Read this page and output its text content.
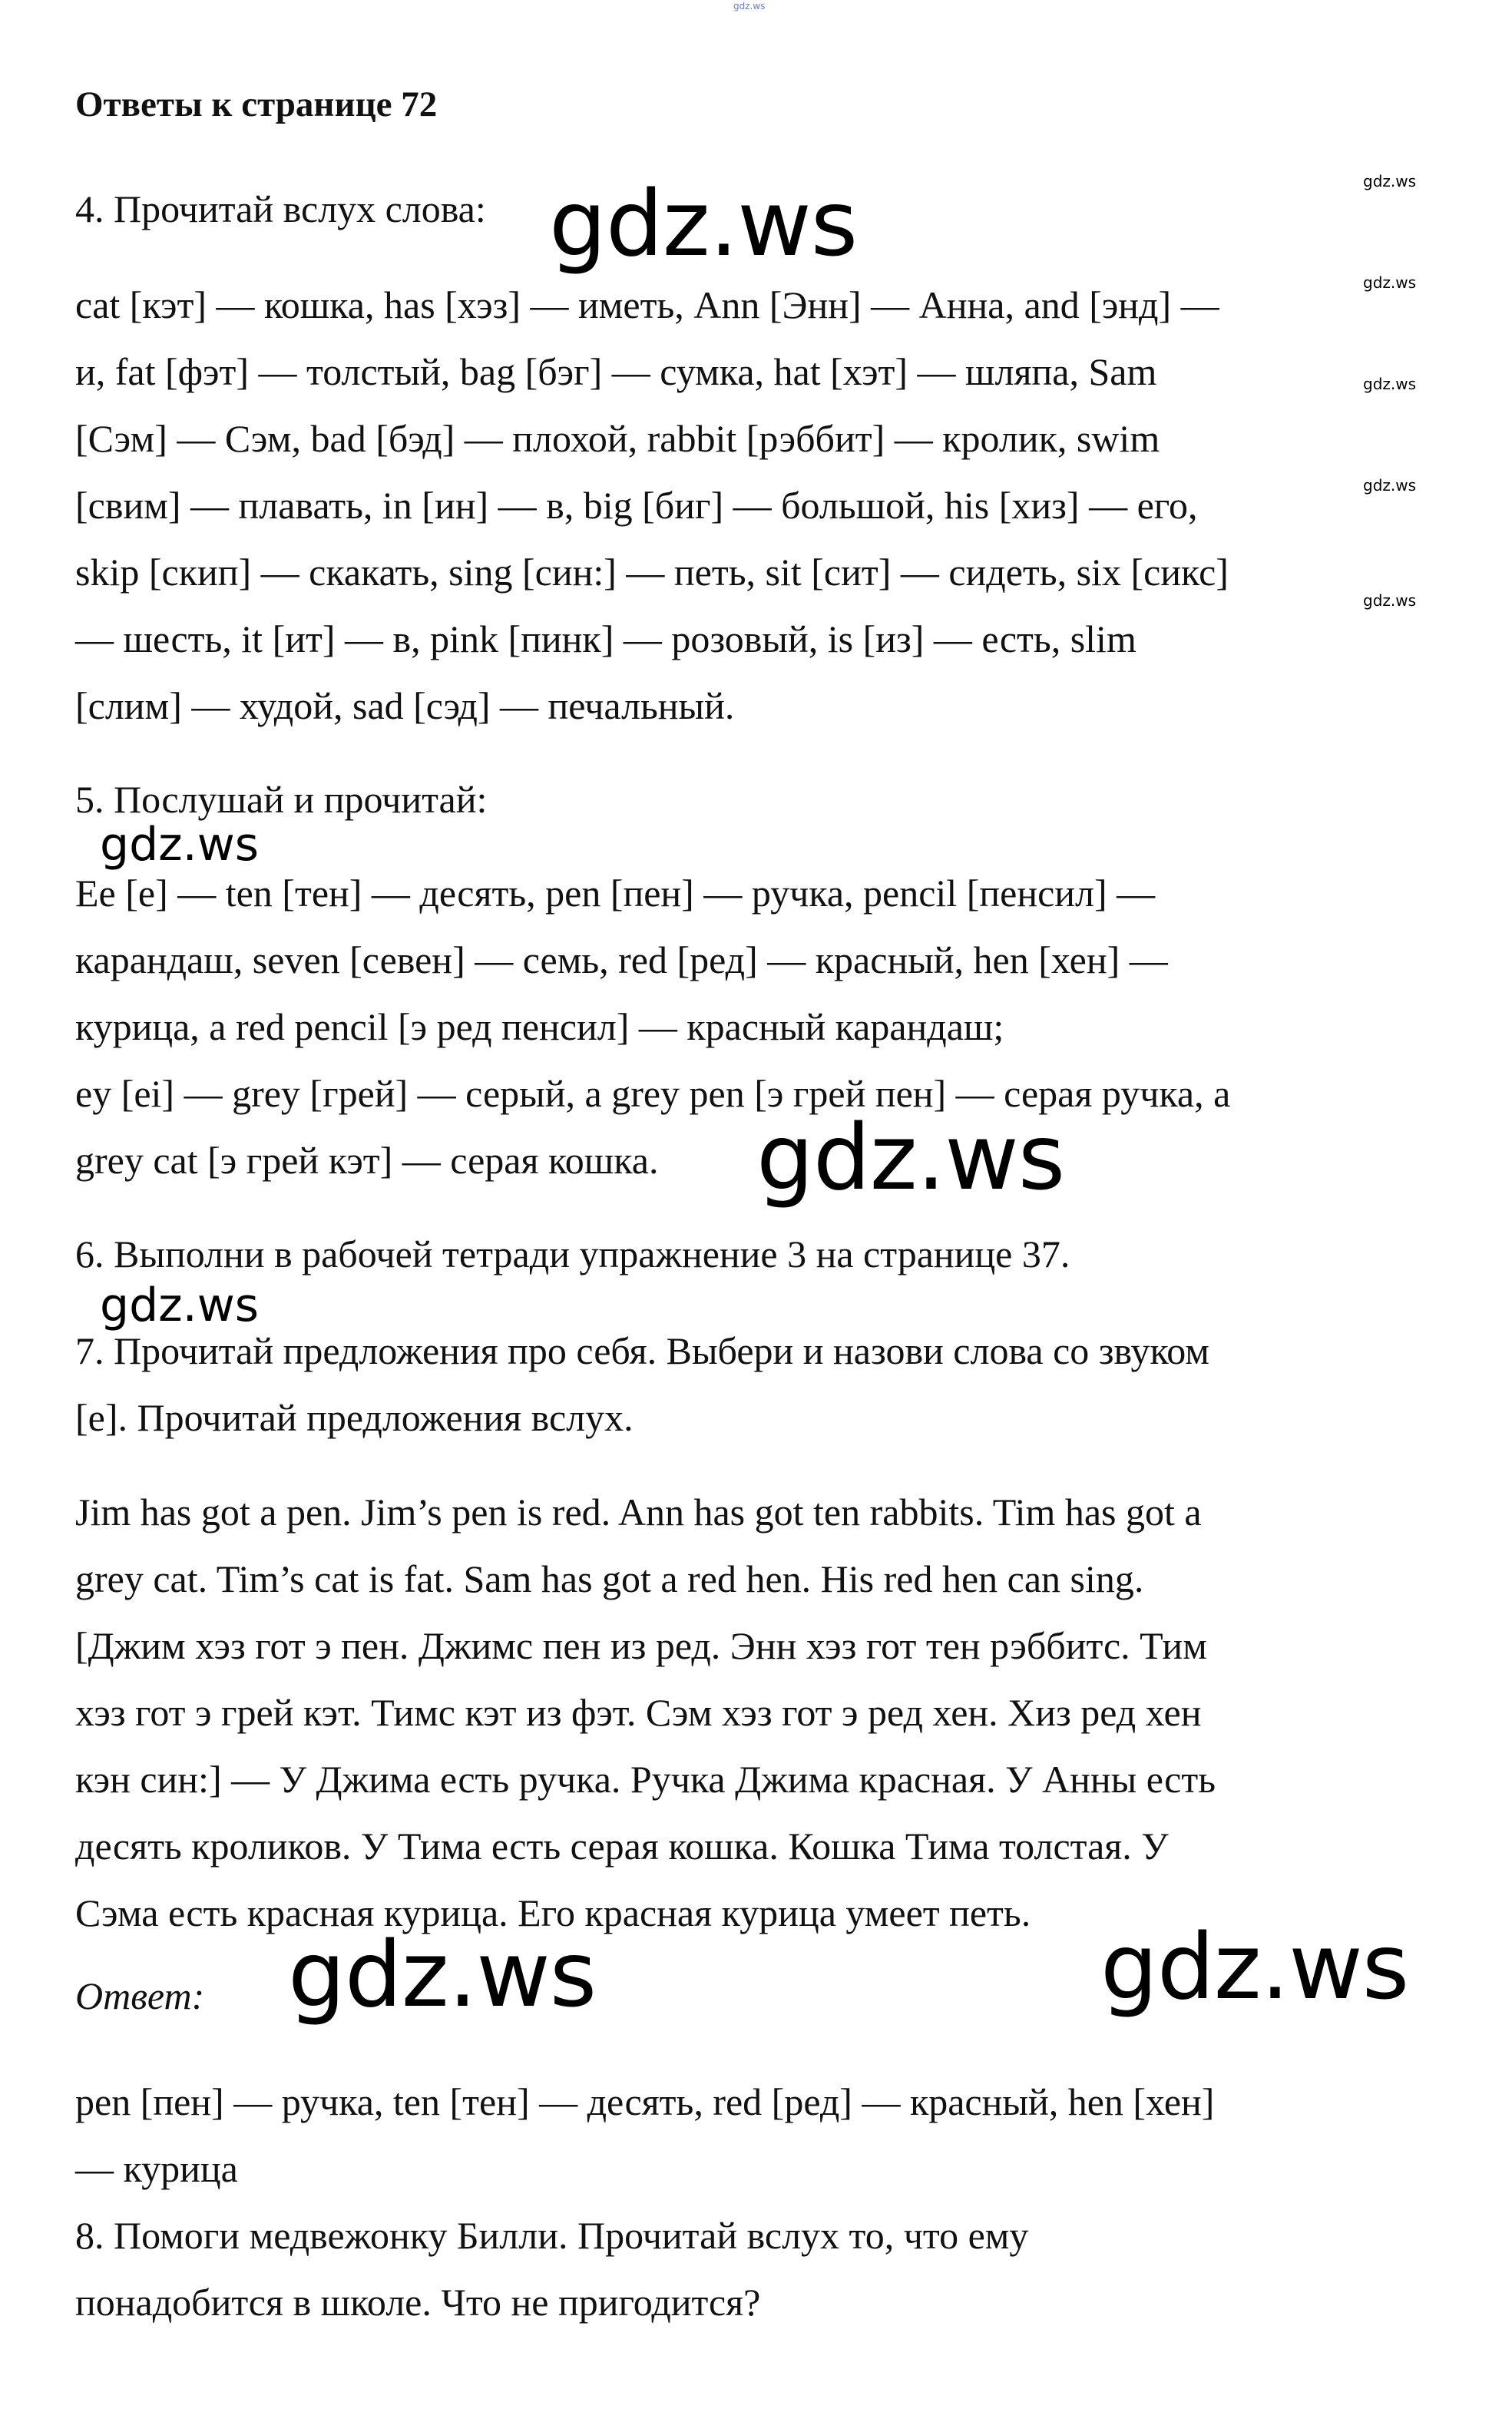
gdz.ws
Ответы к странице 72
4. Прочитай вслух слова:
cat [кэт] — кошка, has [хэз] — иметь, Ann [Энн] — Анна, and [энд] —
и, fat [фэт] — толстый, bag [бэг] — сумка, hat [хэт] — шляпа, Sam
[Сэм] — Сэм, bad [бэд] — плохой, rabbit [рэббит] — кролик, swim
[свим] — плавать, in [ин] — в, big [биг] — большой, his [хиз] — его,
skip [скип] — скакать, sing [син:] — петь, sit [сит] — сидеть, six [сикс]
— шесть, it [ит] — в, pink [пинк] — розовый, is [из] — есть, slim
[слим] — худой, sad [сэд] — печальный.
5. Послушай и прочитай:
Ee [e] — ten [тен] — десять, pen [пен] — ручка, pencil [пенсил] —
карандаш, seven [севен] — семь, red [ред] — красный, hen [хен] —
курица, a red pencil [э ред пенсил] — красный карандаш;
ey [ei] — grey [грей] — серый, a grey pen [э грей пен] — серая ручка, a
grey cat [э грей кэт] — серая кошка.
6. Выполни в рабочей тетради упражнение 3 на странице 37.
7. Прочитай предложения про себя. Выбери и назови слова со звуком
[e]. Прочитай предложения вслух.
Jim has got a pen. Jim’s pen is red. Ann has got ten rabbits. Tim has got a
grey cat. Tim’s cat is fat. Sam has got a red hen. His red hen can sing.
[Джим хэз гот э пен. Джимс пен из ред. Энн хэз гот тен рэббитс. Тим
хэз гот э грей кэт. Тимс кэт из фэт. Сэм хэз гот э ред хен. Хиз ред хен
кэн син:] — У Джима есть ручка. Ручка Джима красная. У Анны есть
десять кроликов. У Тима есть серая кошка. Кошка Тима толстая. У
Сэма есть красная курица. Его красная курица умеет петь.
Ответ:
pen [пен] — ручка, ten [тен] — десять, red [ред] — красный, hen [хен]
— курица
8. Помоги медвежонку Билли. Прочитай вслух то, что ему
понадобится в школе. Что не пригодится?
gdz.ws
gdz.ws
gdz.ws	gdz.ws
gdz.ws
gdz.ws
gdz.ws
gdz.ws
gdz.ws
gdz.ws
gdz.ws
